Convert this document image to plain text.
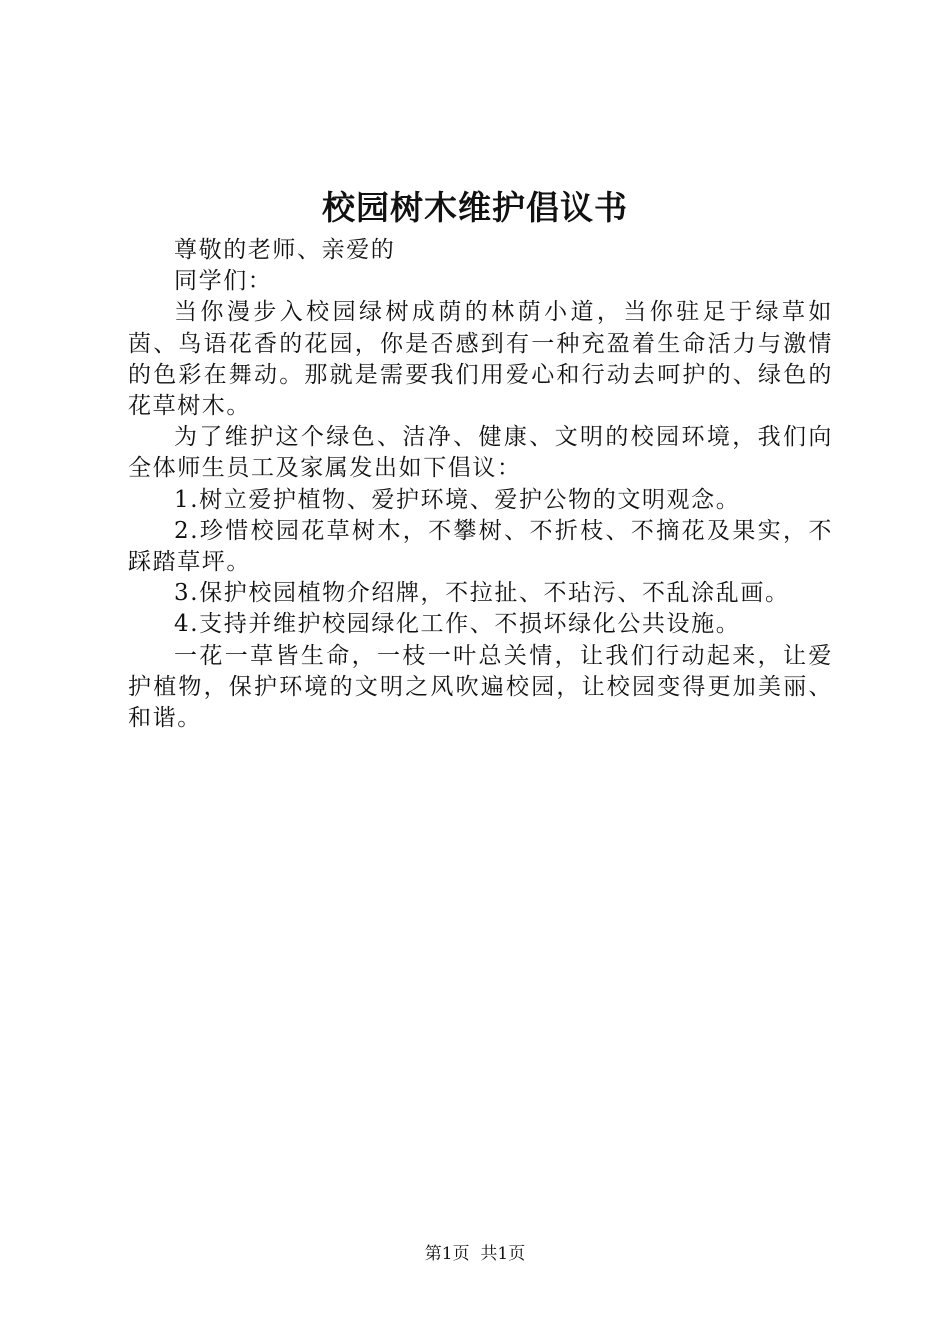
校园树木维护倡议书

尊敬的老师、亲爱的

同学们：

当你漫步入校园绿树成荫的林荫小道，当你驻足于绿草如茵、鸟语花香的花园，你是否感到有一种充盈着生命活力与激情的色彩在舞动。那就是需要我们用爱心和行动去呵护的、绿色的花草树木。

为了维护这个绿色、洁净、健康、文明的校园环境，我们向全体师生员工及家属发出如下倡议：

1.树立爱护植物、爱护环境、爱护公物的文明观念。

2.珍惜校园花草树木，不攀树、不折枝、不摘花及果实，不踩踏草坪。

3.保护校园植物介绍牌，不拉扯、不玷污、不乱涂乱画。

4.支持并维护校园绿化工作、不损坏绿化公共设施。

一花一草皆生命，一枝一叶总关情，让我们行动起来，让爱护植物，保护环境的文明之风吹遍校园，让校园变得更加美丽、和谐。

第1页  共1页
